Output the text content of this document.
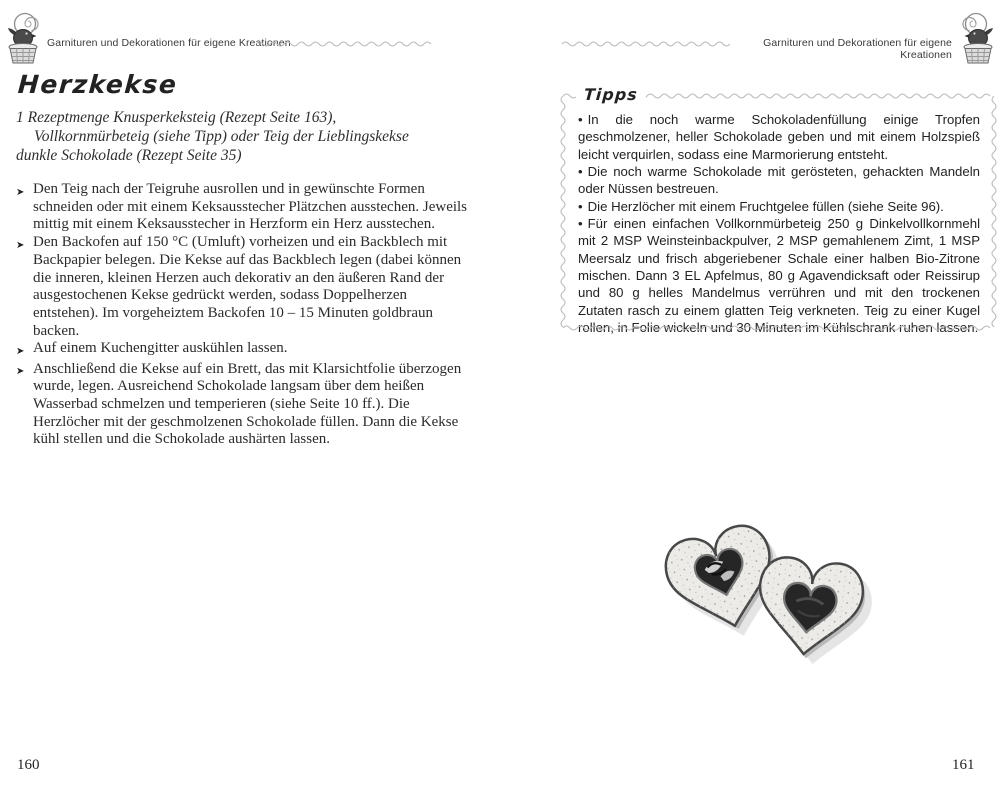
Garnituren und Dekorationen für eigene Kreationen
Herzkekse
1 Rezeptmenge Knusperkeksteig (Rezept Seite 163),
Vollkornmürbeteig (siehe Tipp) oder Teig der Lieblingskekse
dunkle Schokolade (Rezept Seite 35)
➤ Den Teig nach der Teigruhe ausrollen und in gewünschte Formen schneiden oder mit einem Keksausstecher Plätzchen ausstechen. Jeweils mittig mit einem Keksausstecher in Herzform ein Herz ausstechen.
➤ Den Backofen auf 150 °C (Umluft) vorheizen und ein Backblech mit Backpapier belegen. Die Kekse auf das Backblech legen (dabei können die inneren, kleinen Herzen auch dekorativ an den äußeren Rand der ausgestochenen Kekse gedrückt werden, sodass Doppelherzen entstehen). Im vorgeheiztem Backofen 10 – 15 Minuten goldbraun backen.
➤ Auf einem Kuchengitter auskühlen lassen.
➤ Anschließend die Kekse auf ein Brett, das mit Klarsichtfolie überzogen wurde, legen. Ausreichend Schokolade langsam über dem heißen Wasserbad schmelzen und temperieren (siehe Seite 10 ff.). Die Herzlöcher mit der geschmolzenen Schokolade füllen. Dann die Kekse kühl stellen und die Schokolade aushärten lassen.
160
Garnituren und Dekorationen für eigene Kreationen
Tipps

• In die noch warme Schokoladenfüllung einige Tropfen geschmolzener, heller Schokolade geben und mit einem Holzspieß leicht verquirlen, sodass eine Marmorierung entsteht.

• Die noch warme Schokolade mit gerösteten, gehackten Mandeln oder Nüssen bestreuen.

• Die Herzlöcher mit einem Fruchtgelee füllen (siehe Seite 96).

• Für einen einfachen Vollkornmürbeteig 250 g Dinkelvollkornmehl mit 2 MSP Weinsteinbackpulver, 2 MSP gemahlenem Zimt, 1 MSP Meersalz und frisch abgeriebener Schale einer halben Bio-Zitrone mischen. Dann 3 EL Apfelmus, 80 g Agavendicksaft oder Reissirup und 80 g helles Mandelmus verrühren und mit den trockenen Zutaten rasch zu einem glatten Teig verkneten. Teig zu einer Kugel rollen, in Folie wickeln und 30 Minuten im Kühlschrank ruhen lassen.

161
